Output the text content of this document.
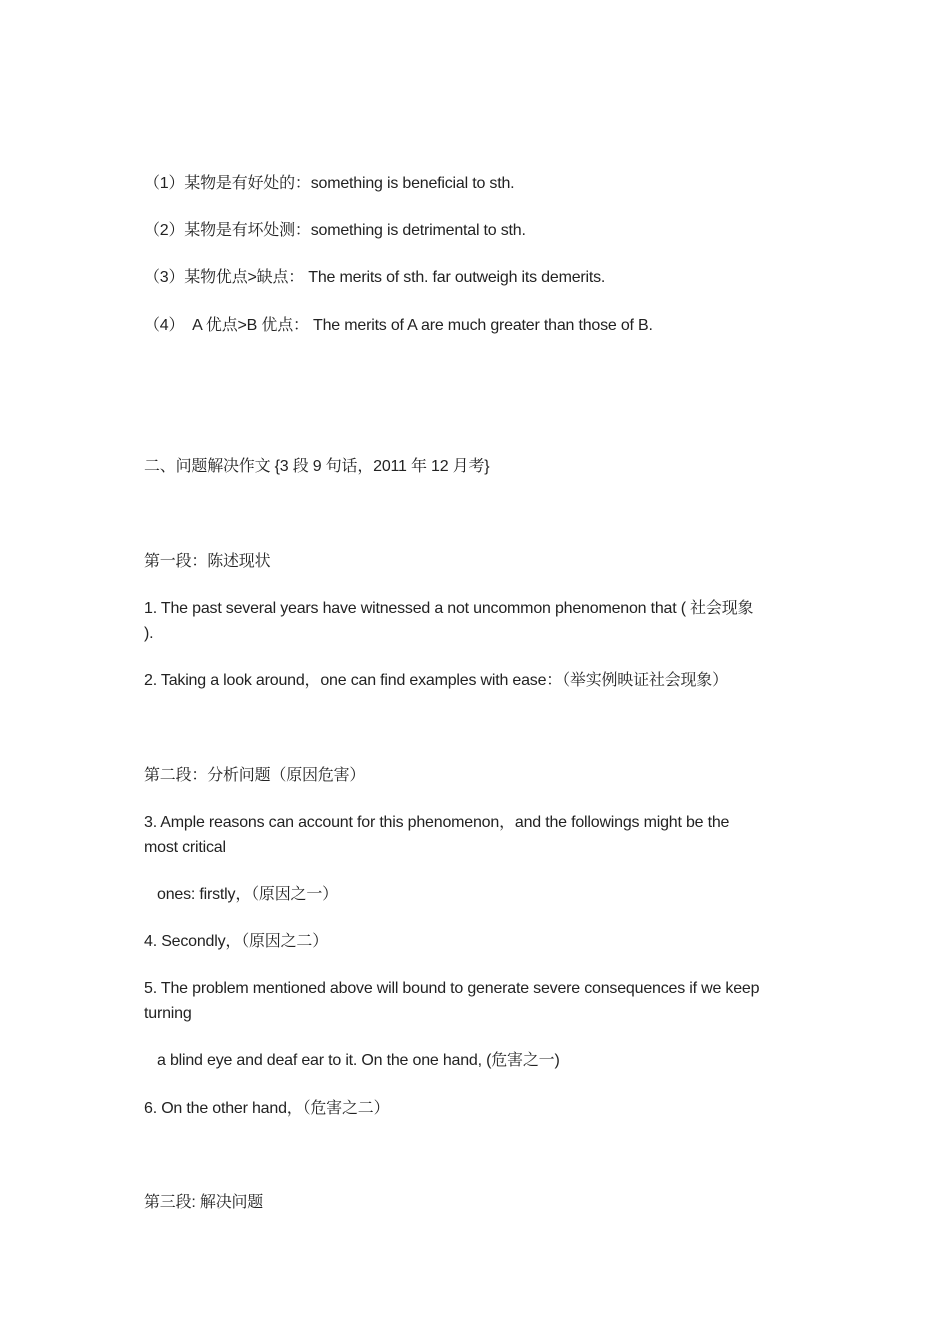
（1）某物是有好处的：something is beneficial to sth.
（2）某物是有坏处测：something is detrimental to sth.
（3）某物优点>缺点： The merits of sth. far outweigh its demerits.
（4）　A 优点>B 优点： The merits of A are much greater than those of B.
二、问题解决作文 {3 段 9 句话，2011 年 12 月考}
第一段：陈述现状
1. The past several years have witnessed a not uncommon phenomenon that ( 社会现象
).
2. Taking a look around，one can find examples with ease：（举实例映证社会现象）
第二段：分析问题（原因危害）
3. Ample reasons can account for this phenomenon，and the followings might be the
most critical
ones: firstly，（原因之一）
4. Secondly，（原因之二）
5. The problem mentioned above will bound to generate severe consequences if we keep
turning
a blind eye and deaf ear to it. On the one hand, (危害之一)
6. On the other hand，（危害之二）
第三段: 解决问题
